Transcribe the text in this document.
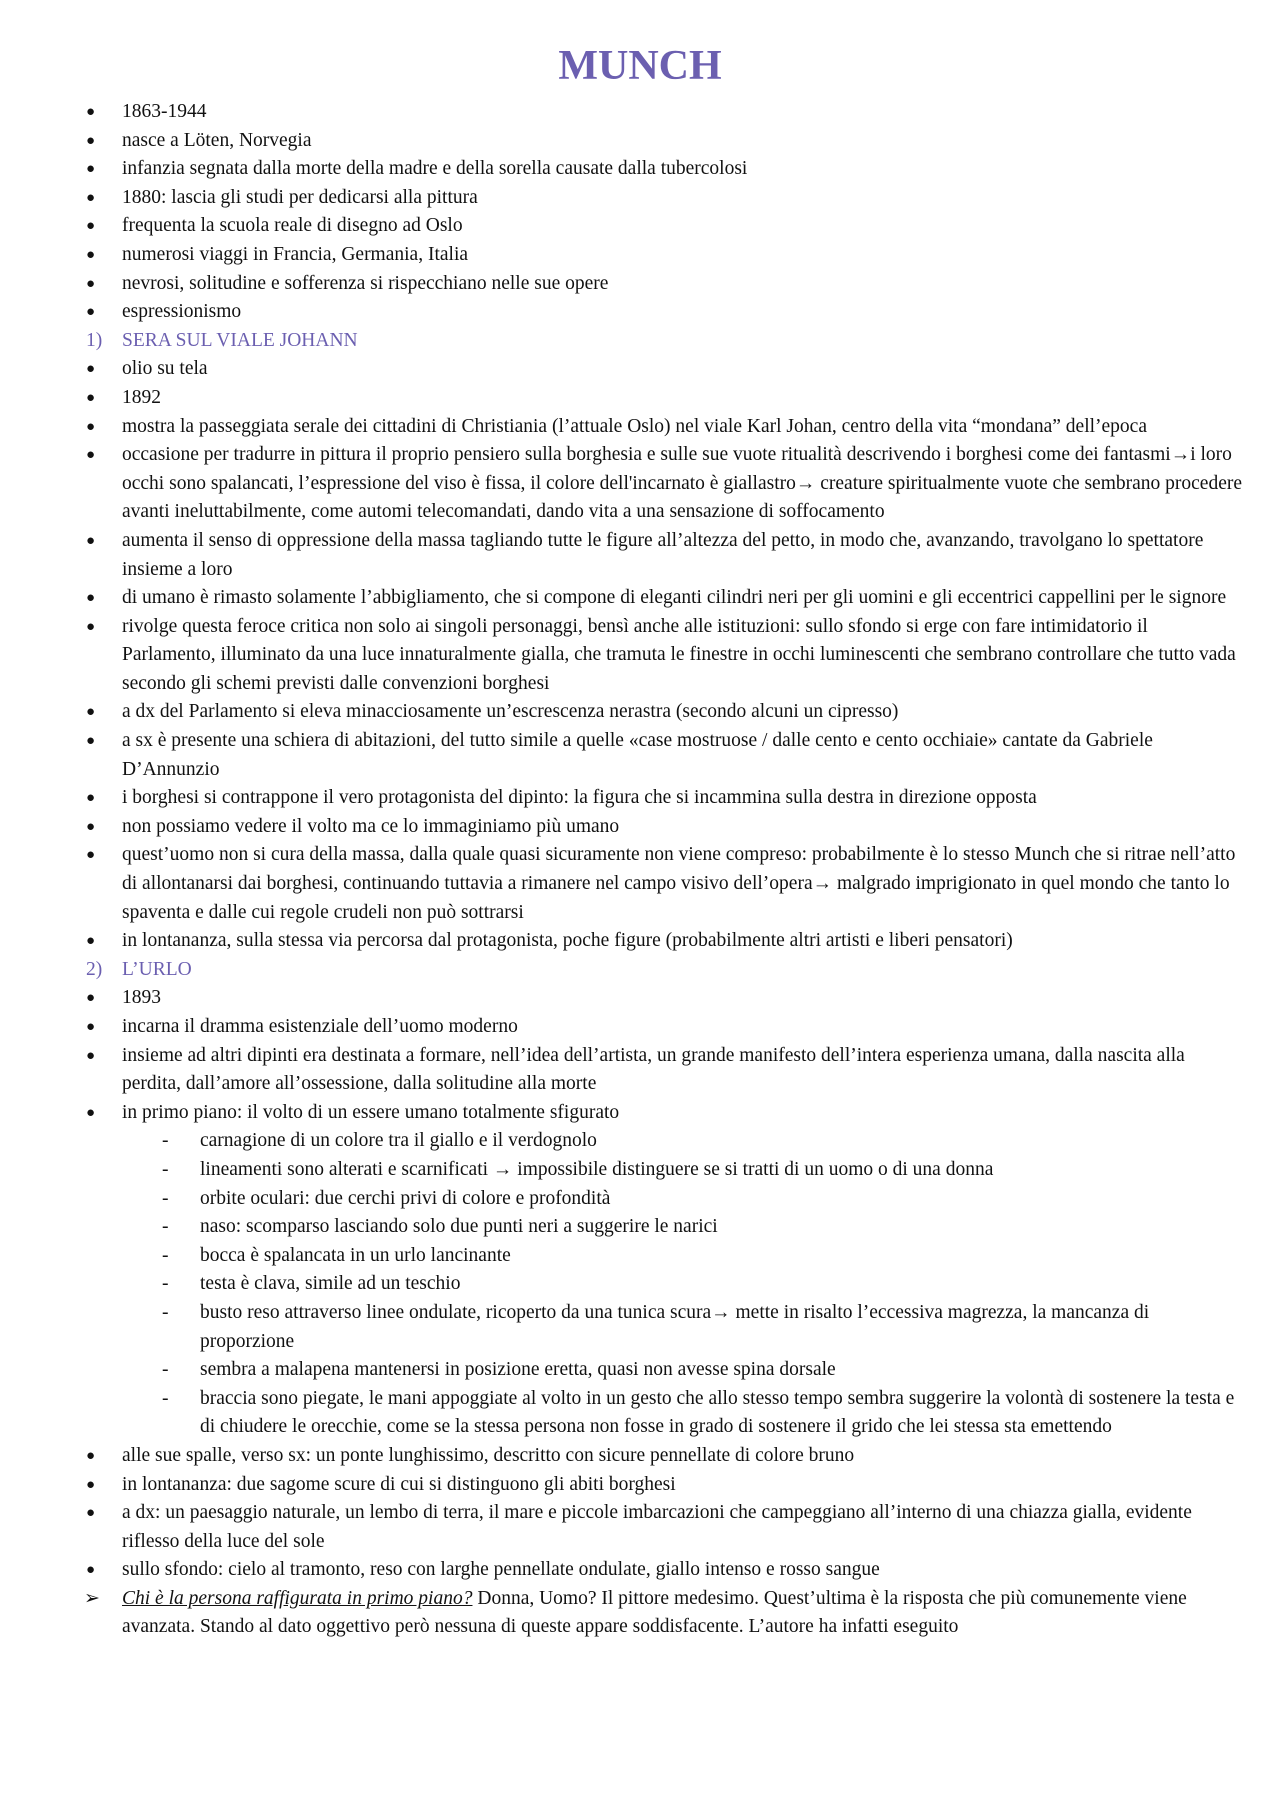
MUNCH
●	1863-1944
●	nasce a Löten, Norvegia
●	infanzia segnata dalla morte della madre e della sorella causate dalla tubercolosi
●	1880: lascia gli studi per dedicarsi alla pittura
●	frequenta la scuola reale di disegno ad Oslo
●	numerosi viaggi in Francia, Germania, Italia
●	nevrosi, solitudine e sofferenza si rispecchiano nelle sue opere
●	espressionismo
1) SERA SUL VIALE JOHANN
●	olio su tela
●	1892
●	mostra la passeggiata serale dei cittadini di Christiania (l’attuale Oslo) nel viale Karl Johan, centro della vita “mondana” dell’epoca
●	occasione per tradurre in pittura il proprio pensiero sulla borghesia e sulle sue vuote ritualità descrivendo i borghesi come dei fantasmi→i loro occhi sono spalancati, l’espressione del viso è fissa, il colore dell'incarnato è giallastro→ creature spiritualmente vuote che sembrano procedere avanti ineluttabilmente, come automi telecomandati, dando vita a una sensazione di soffocamento
●	aumenta il senso di oppressione della massa tagliando tutte le figure all’altezza del petto, in modo che, avanzando, travolgano lo spettatore insieme a loro
●	di umano è rimasto solamente l’abbigliamento, che si compone di eleganti cilindri neri per gli uomini e gli eccentrici cappellini per le signore
●	rivolge questa feroce critica non solo ai singoli personaggi, bensì anche alle istituzioni: sullo sfondo si erge con fare intimidatorio il Parlamento, illuminato da una luce innaturalmente gialla, che tramuta le finestre in occhi luminescenti che sembrano controllare che tutto vada secondo gli schemi previsti dalle convenzioni borghesi
●	a dx del Parlamento si eleva minacciosamente un’escrescenza nerastra (secondo alcuni un cipresso)
●	a sx è presente una schiera di abitazioni, del tutto simile a quelle «case mostruose / dalle cento e cento occhiaie» cantate da Gabriele D’Annunzio
●	i borghesi si contrappone il vero protagonista del dipinto: la figura che si incammina sulla destra in direzione opposta
●	non possiamo vedere il volto ma ce lo immaginiamo più umano
●	quest’uomo non si cura della massa, dalla quale quasi sicuramente non viene compreso: probabilmente è lo stesso Munch che si ritrae nell’atto di allontanarsi dai borghesi, continuando tuttavia a rimanere nel campo visivo dell’opera→ malgrado imprigionato in quel mondo che tanto lo spaventa e dalle cui regole crudeli non può sottrarsi
●	in lontananza, sulla stessa via percorsa dal protagonista, poche figure (probabilmente altri artisti e liberi pensatori)
2) L’URLO
●	1893
●	incarna il dramma esistenziale dell’uomo moderno
●	insieme ad altri dipinti era destinata a formare, nell’idea dell’artista, un grande manifesto dell’intera esperienza umana, dalla nascita alla perdita, dall’amore all’ossessione, dalla solitudine alla morte
●	in primo piano: il volto di un essere umano totalmente sfigurato
- carnagione di un colore tra il giallo e il verdognolo
- lineamenti sono alterati e scarnificati → impossibile distinguere se si tratti di un uomo o di una donna
- orbite oculari: due cerchi privi di colore e profondità
- naso: scomparso lasciando solo due punti neri a suggerire le narici
- bocca è spalancata in un urlo lancinante
- testa è clava, simile ad un teschio
- busto reso attraverso linee ondulate, ricoperto da una tunica scura→ mette in risalto l’eccessiva magrezza, la mancanza di proporzione
- sembra a malapena mantenersi in posizione eretta, quasi non avesse spina dorsale
- braccia sono piegate, le mani appoggiate al volto in un gesto che allo stesso tempo sembra suggerire la volontà di sostenere la testa e di chiudere le orecchie, come se la stessa persona non fosse in grado di sostenere il grido che lei stessa sta emettendo
●	alle sue spalle, verso sx: un ponte lunghissimo, descritto con sicure pennellate di colore bruno
●	in lontananza: due sagome scure di cui si distinguono gli abiti borghesi
●	a dx: un paesaggio naturale, un lembo di terra, il mare e piccole imbarcazioni che campeggiano all’interno di una chiazza gialla, evidente riflesso della luce del sole
●	sullo sfondo: cielo al tramonto, reso con larghe pennellate ondulate, giallo intenso e rosso sangue
➢ Chi è la persona raffigurata in primo piano? Donna, Uomo? Il pittore medesimo. Quest’ultima è la risposta che più comunemente viene avanzata. Stando al dato oggettivo però nessuna di queste appare soddisfacente. L’autore ha infatti eseguito
